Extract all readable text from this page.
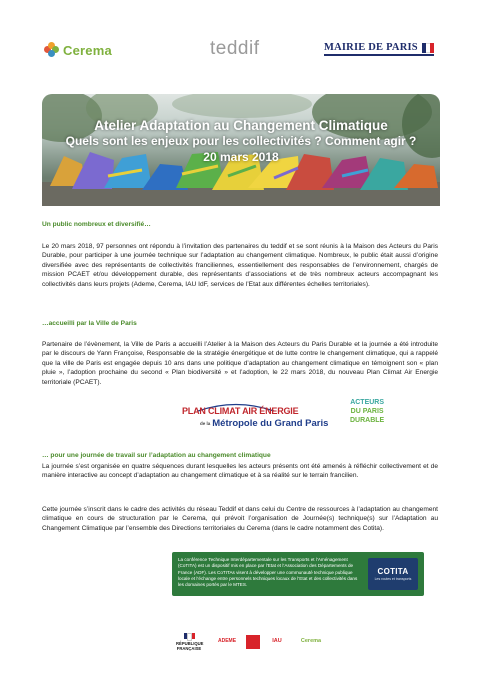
Cerema	teddif	MAIRIE DE PARIS
Atelier Adaptation au Changement Climatique
Quels sont les enjeux pour les collectivités ? Comment agir ?
20 mars 2018
Un public nombreux et diversifié…
Le 20 mars 2018, 97 personnes ont répondu à l’invitation des partenaires du teddif et se sont réunis à la Maison des Acteurs du Paris Durable, pour participer à une journée technique sur l’adaptation au changement climatique. Nombreux, le public était aussi d’origine diversifiée avec des représentants de collectivités franciliennes, essentiellement des responsables de l’environnement, chargés de mission PCAET et/ou développement durable, des représentants d’associations et de très nombreux acteurs accompagnant les collectivités dans leurs projets (Ademe, Cerema, IAU IdF, services de l’Etat aux différentes échelles territoriales).
…accueilli par la Ville de Paris
Partenaire de l’évènement, la Ville de Paris a accueilli l’Atelier à la Maison des Acteurs du Paris Durable et la journée a été introduite par le discours de Yann Françoise, Responsable de la stratégie énergétique et de lutte contre le changement climatique, qui a rappelé que la ville de Paris est engagée depuis 10 ans dans une politique d’adaptation au changement climatique en témoignent son « plan pluie », l’adoption prochaine du second « Plan biodiversité » et l’adoption, le 22 mars 2018, du nouveau Plan Climat Air Energie territoriale (PCAET).
PLAN CLIMAT AIR ÉNERGIE
de la Métropole du Grand Paris
ACTEURS
DU PARIS
DURABLE
… pour une journée de travail sur l’adaptation au changement climatique
La journée s’est organisée en quatre séquences durant lesquelles les acteurs présents ont été amenés à réfléchir collectivement et de manière interactive au concept d’adaptation au changement climatique et à sa réalité sur le terrain francilien.
Cette journée s’inscrit dans le cadre des activités du réseau Teddif et dans celui du Centre de ressources à l’adaptation au changement climatique en cours de structuration par le Cerema, qui prévoit l’organisation de Journée(s) technique(s) sur l’Adaptation au Changement Climatique par l’ensemble des Directions territoriales du Cerema (dans le cadre notamment des Cotita).
La conférence Technique Interdépartementale sur les Transports et l’Aménagement (CoTITA) est un dispositif mis en place par l’Etat et l’Association des Départements de France (ADF). Les CoTITAs visent à développer une communauté technique publique locale et l’échange entre personnels techniques locaux de l’Etat et des collectivités dans les domaines portés par le MTES.
COTITA
Les routes et transports
RÉPUBLIQUE FRANÇAISE
ADEME	IAU	Cerema
